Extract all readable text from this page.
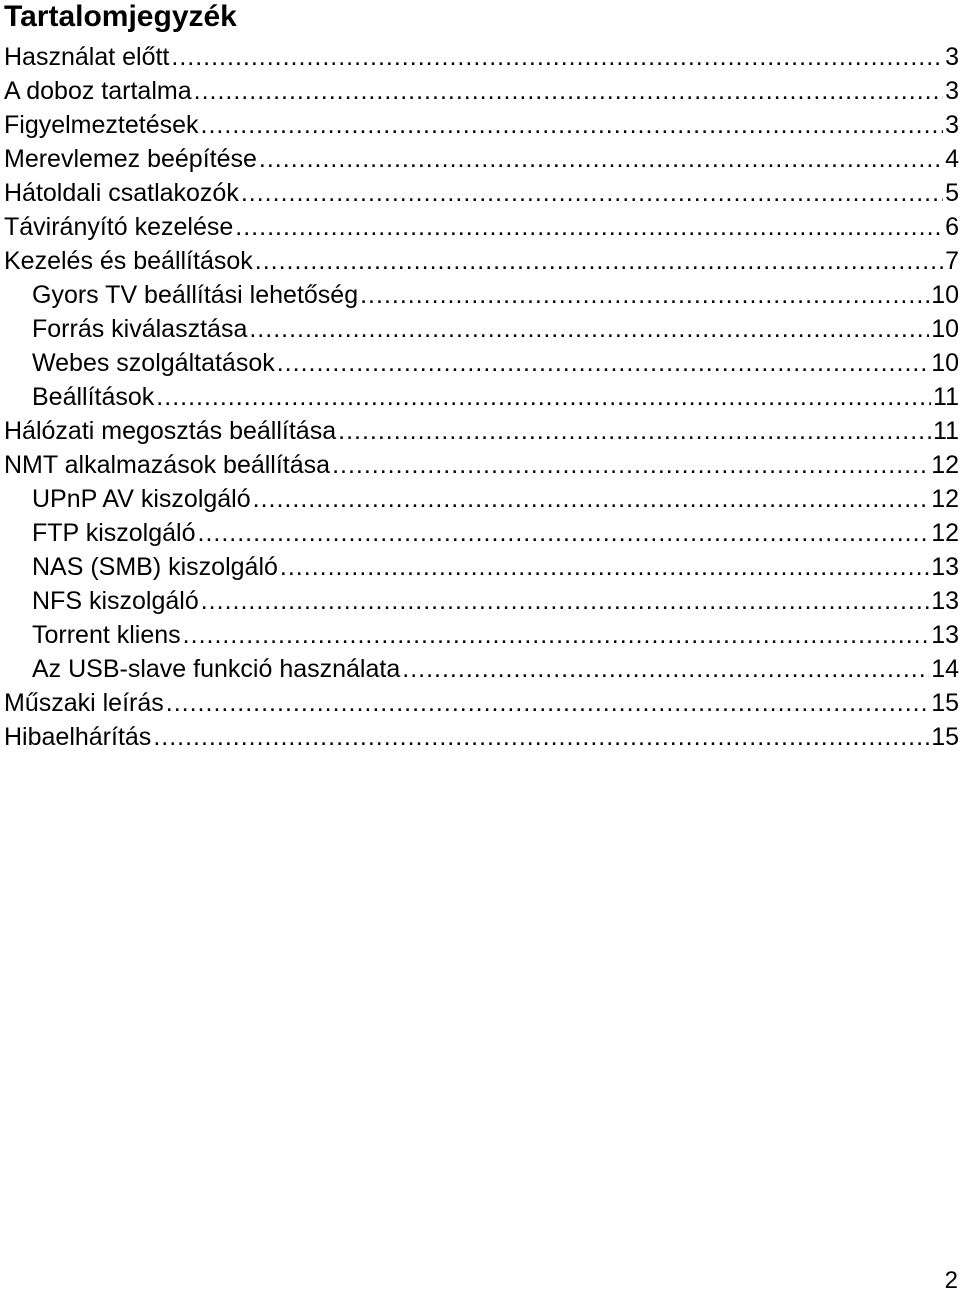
Tartalomjegyzék
Használat előtt .....	3
A doboz tartalma .....	3
Figyelmeztetések .....	3
Merevlemez beépítése .....	4
Hátoldali csatlakozók .....	5
Távirányító kezelése .....	6
Kezelés és beállítások .....	7
Gyors TV beállítási lehetőség .....	10
Forrás kiválasztása .....	10
Webes szolgáltatások .....	10
Beállítások .....	11
Hálózati megosztás beállítása .....	11
NMT alkalmazások beállítása .....	12
UPnP AV kiszolgáló .....	12
FTP kiszolgáló .....	12
NAS (SMB) kiszolgáló .....	13
NFS kiszolgáló .....	13
Torrent kliens .....	13
Az USB-slave funkció használata .....	14
Műszaki leírás .....	15
Hibaelhárítás .....	15
2
